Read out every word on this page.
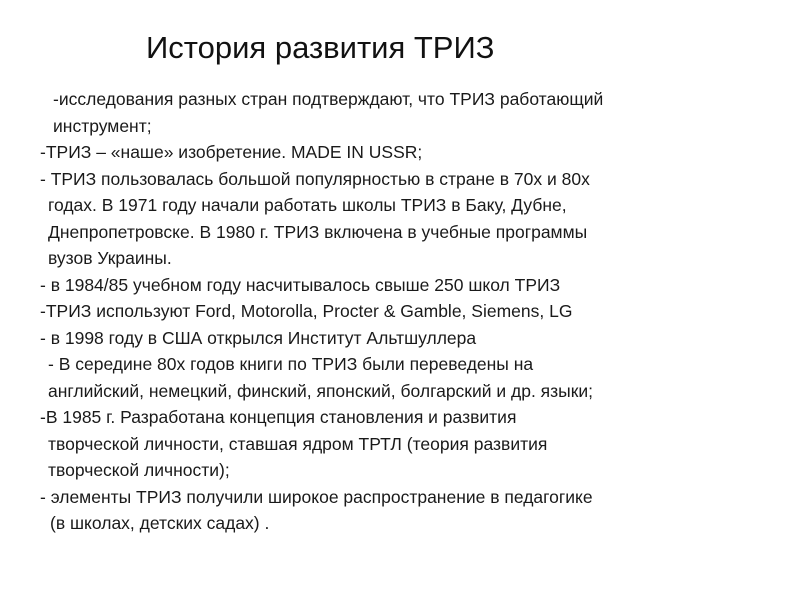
История развития ТРИЗ
-исследования разных стран подтверждают, что ТРИЗ работающий
инструмент;
-ТРИЗ – «наше» изобретение. MADE IN USSR;
- ТРИЗ пользовалась большой популярностью в стране в 70х и 80х
годах. В 1971 году начали работать школы ТРИЗ в Баку, Дубне,
Днепропетровске. В 1980 г. ТРИЗ включена в учебные программы
вузов Украины.
- в 1984/85 учебном году насчитывалось свыше 250 школ ТРИЗ
-ТРИЗ используют Ford, Motorolla, Procter & Gamble, Siemens, LG
- в 1998 году в США открылся Институт Альтшуллера
- В середине 80х годов книги по ТРИЗ были переведены на
английский, немецкий, финский, японский, болгарский и др. языки;
-В 1985 г. Разработана концепция становления и развития
творческой личности, ставшая ядром ТРТЛ (теория развития
творческой личности);
- элементы ТРИЗ получили широкое распространение в педагогике
(в школах, детских садах) .
